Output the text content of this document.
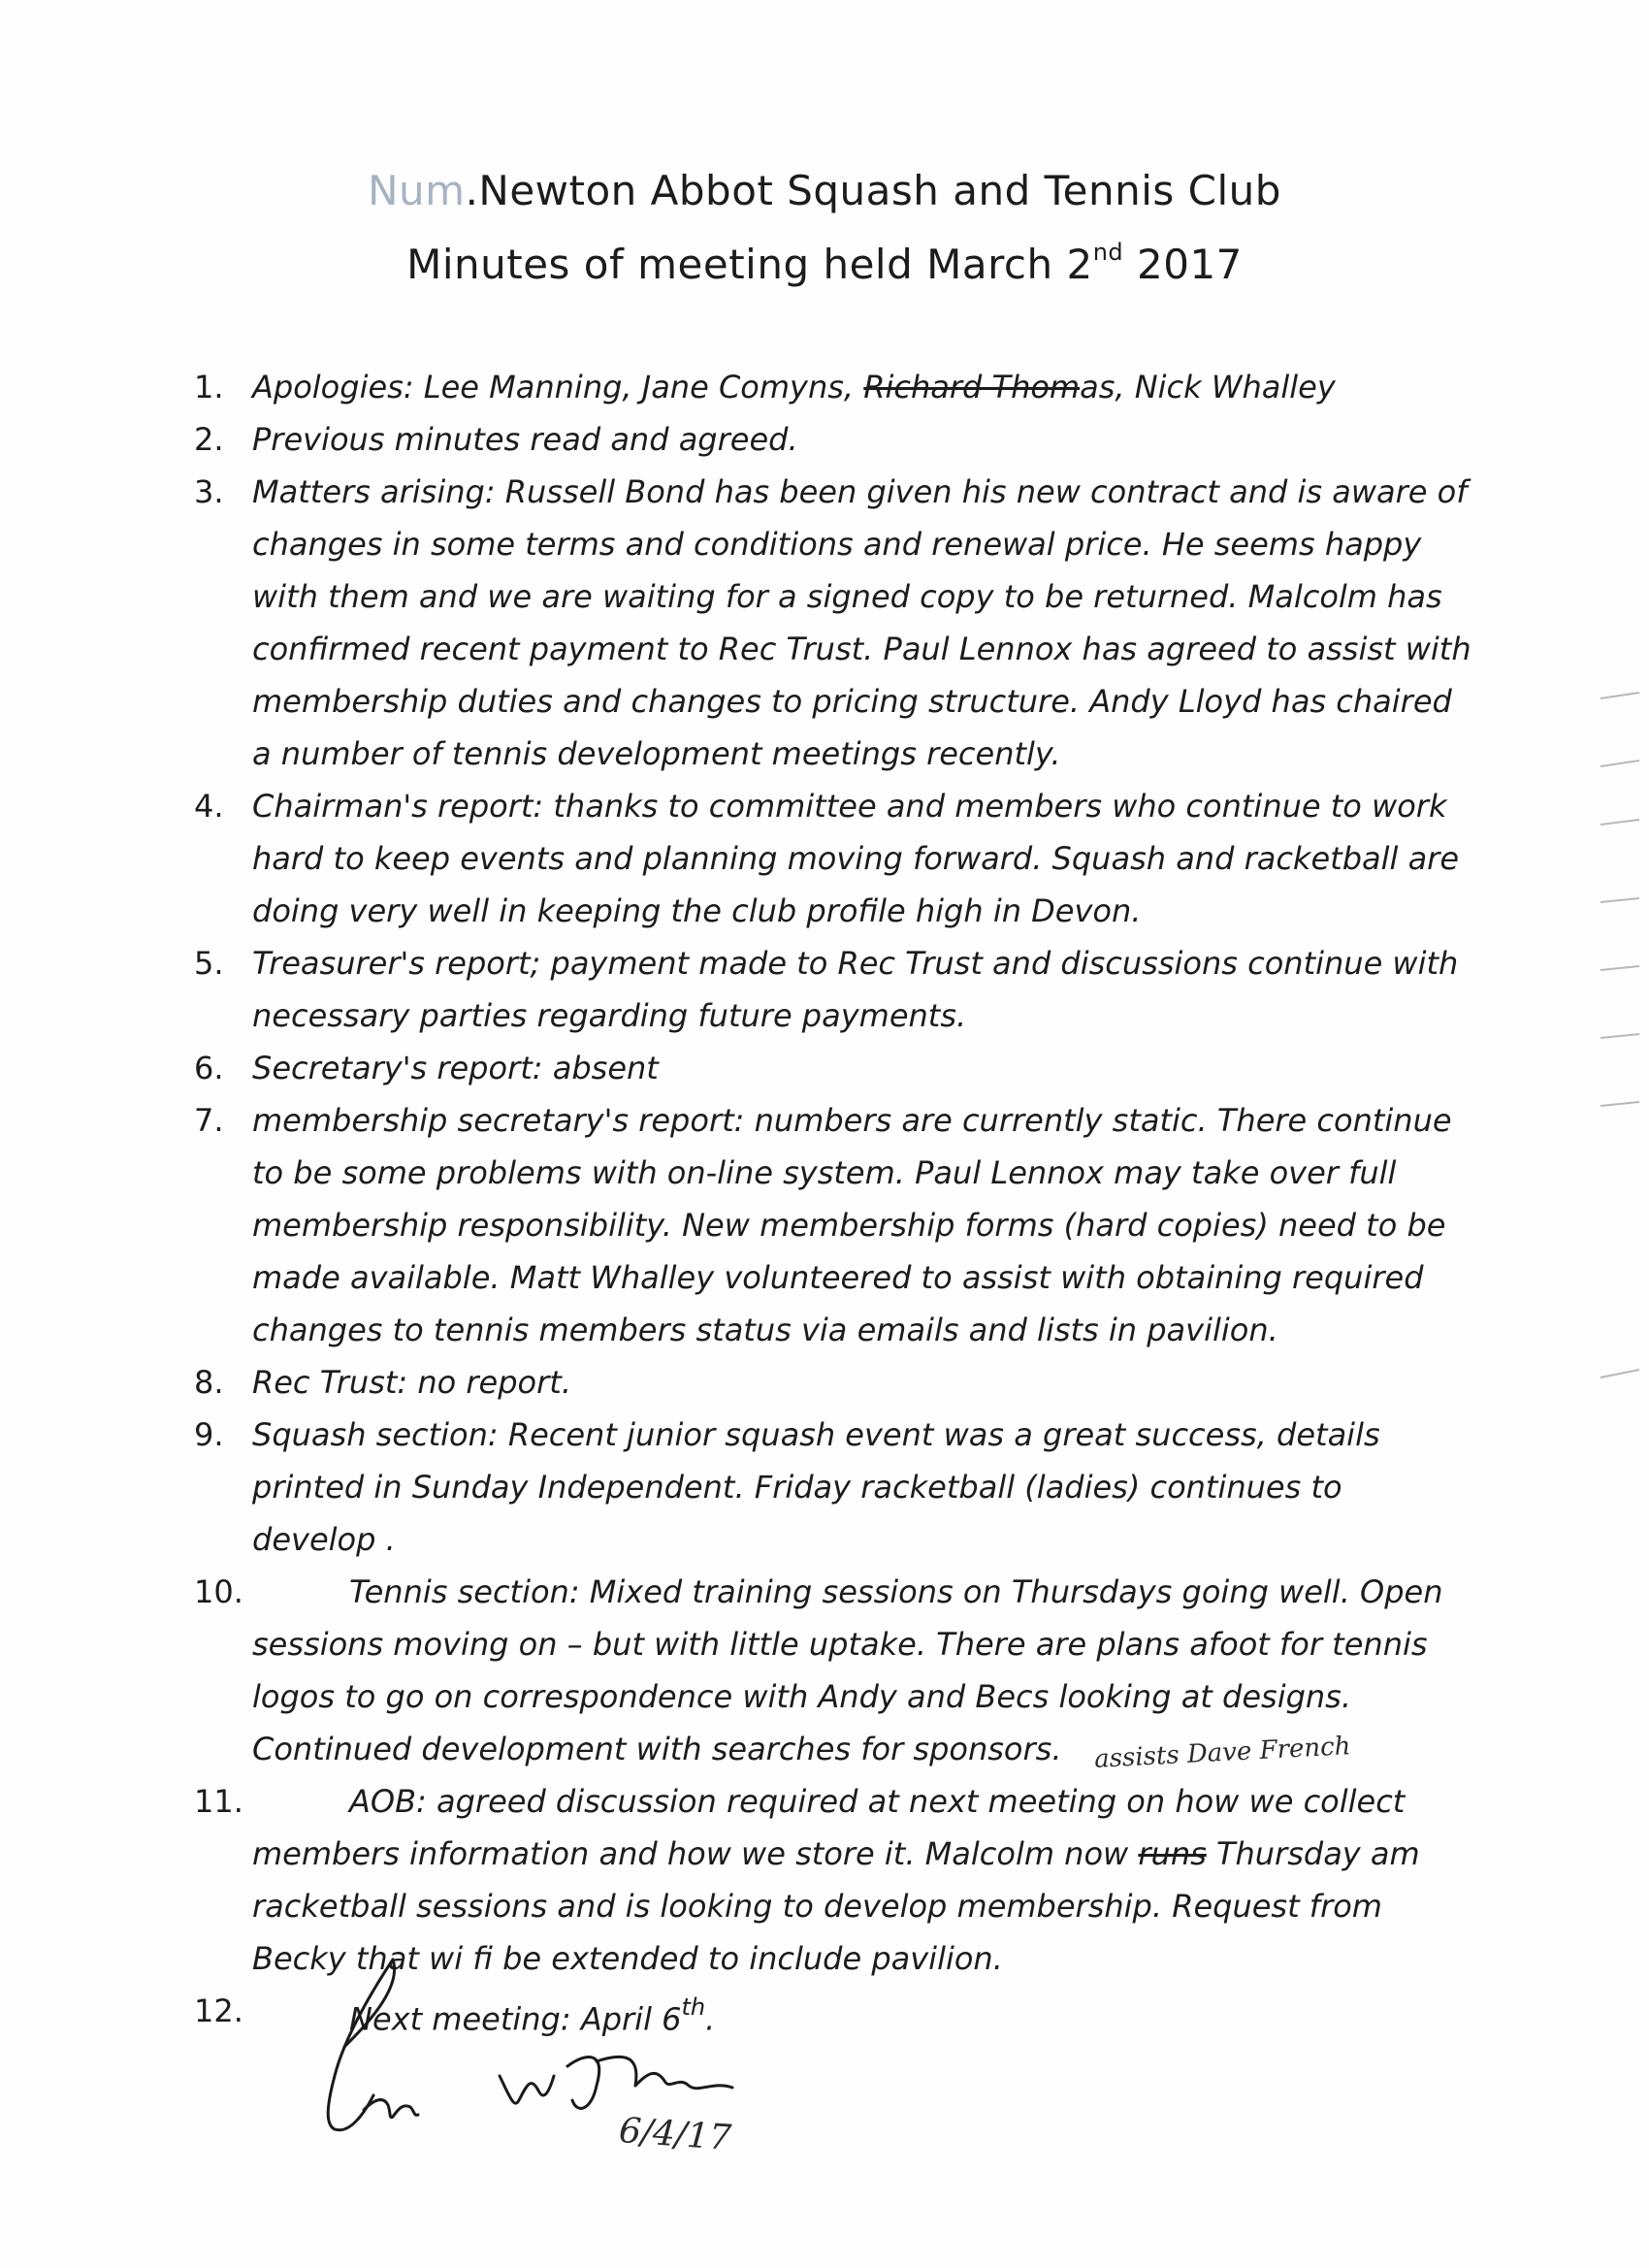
Num.Newton Abbot Squash and Tennis Club
Minutes of meeting held March 2nd 2017
1. Apologies: Lee Manning, Jane Comyns, Richard Thomas, Nick Whalley
2. Previous minutes read and agreed.
3. Matters arising: Russell Bond has been given his new contract and is aware of changes in some terms and conditions and renewal price. He seems happy with them and we are waiting for a signed copy to be returned. Malcolm has confirmed recent payment to Rec Trust. Paul Lennox has agreed to assist with membership duties and changes to pricing structure. Andy Lloyd has chaired a number of tennis development meetings recently.
4. Chairman's report: thanks to committee and members who continue to work hard to keep events and planning moving forward. Squash and racketball are doing very well in keeping the club profile high in Devon.
5. Treasurer's report; payment made to Rec Trust and discussions continue with necessary parties regarding future payments.
6. Secretary's report: absent
7. membership secretary's report: numbers are currently static. There continue to be some problems with on-line system. Paul Lennox may take over full membership responsibility. New membership forms (hard copies) need to be made available. Matt Whalley volunteered to assist with obtaining required changes to tennis members status via emails and lists in pavilion.
8. Rec Trust: no report.
9. Squash section: Recent junior squash event was a great success, details printed in Sunday Independent. Friday racketball (ladies) continues to develop .
10.	Tennis section: Mixed training sessions on Thursdays going well. Open sessions moving on – but with little uptake. There are plans afoot for tennis logos to go on correspondence with Andy and Becs looking at designs. Continued development with searches for sponsors.
11.	AOB: agreed discussion required at next meeting on how we collect members information and how we store it. Malcolm now runs Thursday am racketball sessions and is looking to develop membership. Request from Becky that wi fi be extended to include pavilion.
12.	Next meeting: April 6th.
assists Dave French
6/4/17
